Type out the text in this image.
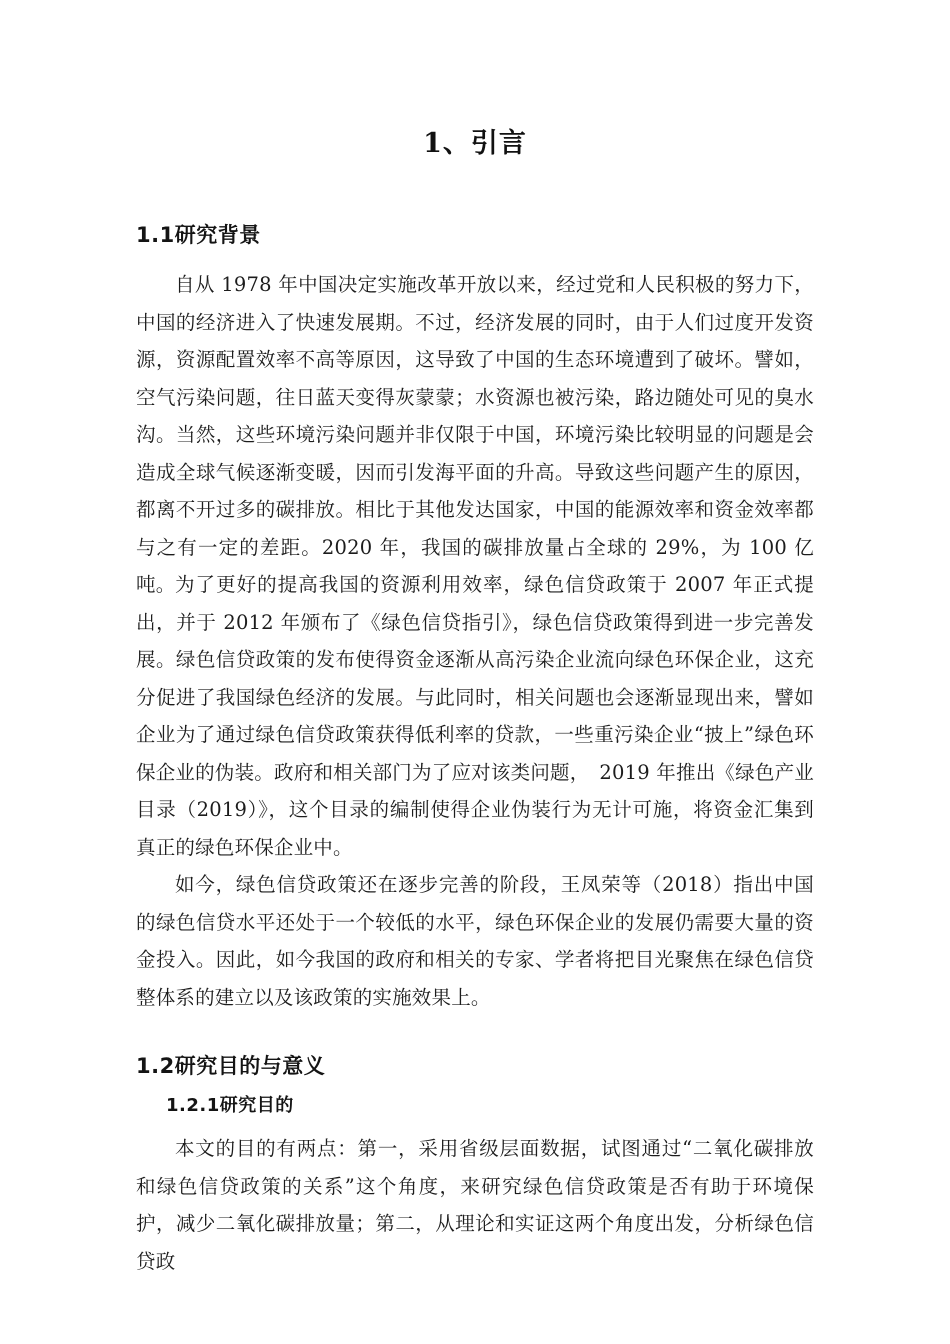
1、引言
1.1研究背景

自从 1978 年中国决定实施改革开放以来，经过党和人民积极的努力下，中国的经济进入了快速发展期。不过，经济发展的同时，由于人们过度开发资源，资源配置效率不高等原因，这导致了中国的生态环境遭到了破坏。譬如，空气污染问题，往日蓝天变得灰蒙蒙；水资源也被污染，路边随处可见的臭水沟。当然，这些环境污染问题并非仅限于中国，环境污染比较明显的问题是会造成全球气候逐渐变暖，因而引发海平面的升高。导致这些问题产生的原因，都离不开过多的碳排放。相比于其他发达国家，中国的能源效率和资金效率都与之有一定的差距。2020 年，我国的碳排放量占全球的 29%，为 100 亿吨。 为了更好的提高我国的资源利用效率，绿色信贷政策于 2007 年正式提出，并于 2012 年颁布了《绿色信贷指引》，绿色信贷政策得到进一步完善发展。绿色信贷政策的发布使得资金逐渐从高污染企业流向绿色环保企业，这充分促进了我国绿色经济的发展。与此同时，相关问题也会逐渐显现出来，譬如企业为了通过绿色信贷政策获得低利率的贷款，一些重污染企业“披上”绿色环保企业的伪装。政府和相关部门为了应对该类问题，　2019 年推出《绿色产业目录（2019）》，这个目录的编制使得企业伪装行为无计可施，将资金汇集到真正的绿色环保企业中。

如今，绿色信贷政策还在逐步完善的阶段，王凤荣等（2018）指出中国的绿色信贷水平还处于一个较低的水平，绿色环保企业的发展仍需要大量的资金投入。因此，如今我国的政府和相关的专家、学者将把目光聚焦在绿色信贷整体系的建立以及该政策的实施效果上。

1.2研究目的与意义
1.2.1研究目的

本文的目的有两点：第一，采用省级层面数据，试图通过“二氧化碳排放和绿色信贷政策的关系”这个角度，来研究绿色信贷政策是否有助于环境保护，减少二氧化碳排放量；第二，从理论和实证这两个角度出发，分析绿色信贷政
